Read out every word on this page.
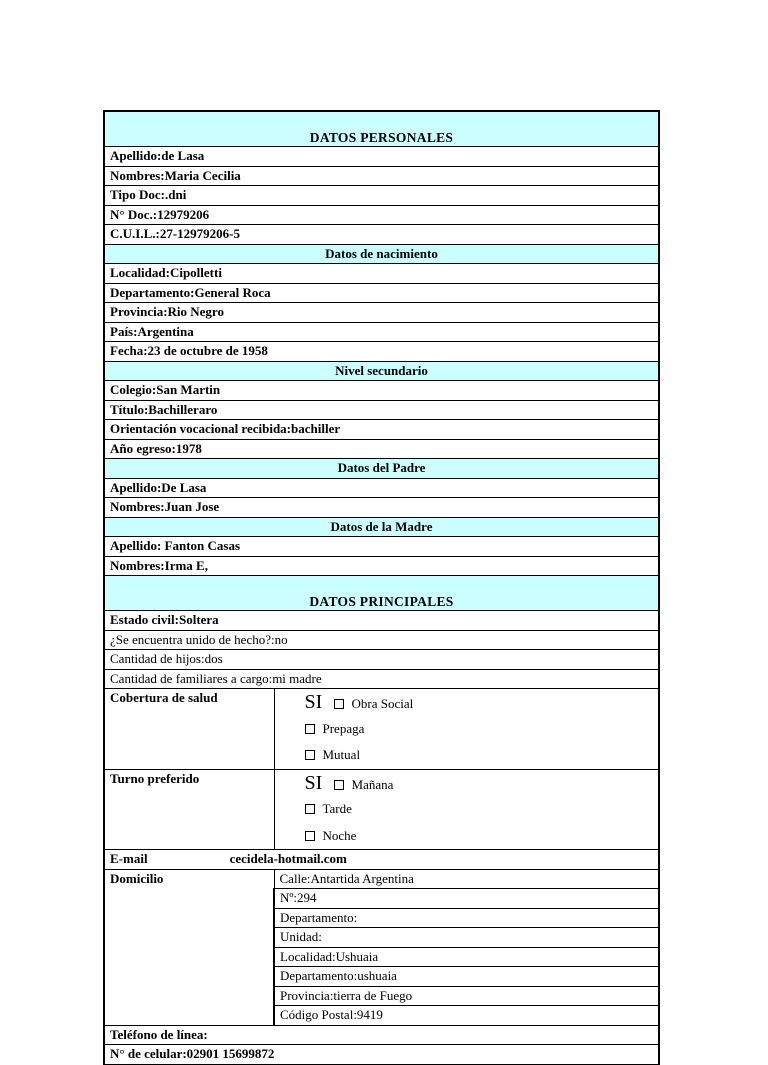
DATOS PERSONALES	
Apellido:de Lasa	
Nombres:Maria Cecilia	
Tipo Doc:.dni	
N° Doc.:12979206	
C.U.I.L.:27-12979206-5	
Datos de nacimiento	
Localidad:Cipolletti	
Departamento:General Roca	
Provincia:Rio Negro	
País:Argentina	
Fecha:23 de octubre de 1958	
Nivel secundario	
Colegio:San Martin	
Título:Bachilleraro	
Orientación vocacional recibida:bachiller	
Año egreso:1978	
Datos del Padre	
Apellido:De Lasa	
Nombres:Juan Jose	
Datos de la Madre	
Apellido: Fanton Casas	
Nombres:Irma E,	
DATOS PRINCIPALES	
Estado civil:Soltera	
¿Se encuentra unido de hecho?:no	
Cantidad de hijos:dos	
Cantidad de familiares a cargo:mi madre	
Cobertura de salud	SI Obra Social
Prepaga
Mutual

Turno preferido	SI Mañana
Tarde
Noche

E-mail cecidela-hotmail.com	
Domicilio	Calle:Antartida Argentina
	Nº:294
	Departamento:
	Unidad:
	Localidad:Ushuaia
	Departamento:ushuaia
	Provincia:tierra de Fuego
	Código Postal:9419
Teléfono de línea:	
N° de celular:02901 15699872	
